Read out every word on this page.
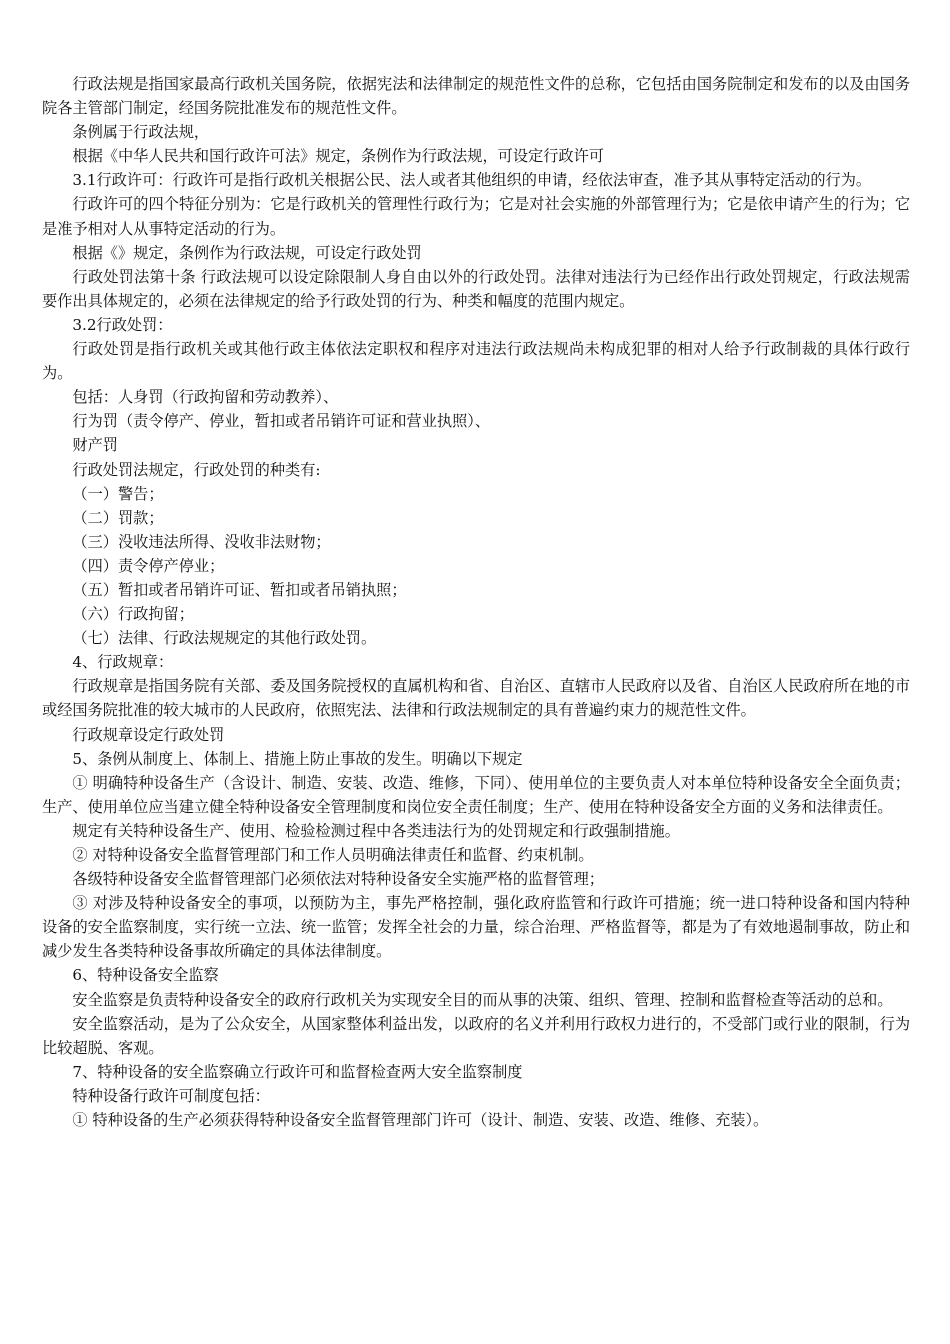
行政法规是指国家最高行政机关国务院，依据宪法和法律制定的规范性文件的总称，它包括由国务院制定和发布的以及由国务院各主管部门制定，经国务院批准发布的规范性文件。

条例属于行政法规，

根据《中华人民共和国行政许可法》规定，条例作为行政法规，可设定行政许可

3.1行政许可：行政许可是指行政机关根据公民、法人或者其他组织的申请，经依法审查，准予其从事特定活动的行为。

行政许可的四个特征分别为：它是行政机关的管理性行政行为；它是对社会实施的外部管理行为；它是依申请产生的行为；它是准予相对人从事特定活动的行为。

根据《》规定，条例作为行政法规，可设定行政处罚

行政处罚法第十条 行政法规可以设定除限制人身自由以外的行政处罚。法律对违法行为已经作出行政处罚规定，行政法规需要作出具体规定的，必须在法律规定的给予行政处罚的行为、种类和幅度的范围内规定。

3.2行政处罚：

行政处罚是指行政机关或其他行政主体依法定职权和程序对违法行政法规尚未构成犯罪的相对人给予行政制裁的具体行政行为。

包括：人身罚（行政拘留和劳动教养）、

行为罚（责令停产、停业，暂扣或者吊销许可证和营业执照）、

财产罚

行政处罚法规定，行政处罚的种类有:

（一）警告；

（二）罚款；

（三）没收违法所得、没收非法财物；

（四）责令停产停业；

（五）暂扣或者吊销许可证、暂扣或者吊销执照；

（六）行政拘留；

（七）法律、行政法规规定的其他行政处罚。

4、行政规章：

行政规章是指国务院有关部、委及国务院授权的直属机构和省、自治区、直辖市人民政府以及省、自治区人民政府所在地的市或经国务院批准的较大城市的人民政府，依照宪法、法律和行政法规制定的具有普遍约束力的规范性文件。

行政规章设定行政处罚

5、条例从制度上、体制上、措施上防止事故的发生。明确以下规定

① 明确特种设备生产（含设计、制造、安装、改造、维修，下同）、使用单位的主要负责人对本单位特种设备安全全面负责；生产、使用单位应当建立健全特种设备安全管理制度和岗位安全责任制度；生产、使用在特种设备安全方面的义务和法律责任。

规定有关特种设备生产、使用、检验检测过程中各类违法行为的处罚规定和行政强制措施。

② 对特种设备安全监督管理部门和工作人员明确法律责任和监督、约束机制。

各级特种设备安全监督管理部门必须依法对特种设备安全实施严格的监督管理；

③ 对涉及特种设备安全的事项，以预防为主，事先严格控制，强化政府监管和行政许可措施；统一进口特种设备和国内特种设备的安全监察制度，实行统一立法、统一监管；发挥全社会的力量，综合治理、严格监督等，都是为了有效地遏制事故，防止和减少发生各类特种设备事故所确定的具体法律制度。

6、特种设备安全监察

安全监察是负责特种设备安全的政府行政机关为实现安全目的而从事的决策、组织、管理、控制和监督检查等活动的总和。

安全监察活动，是为了公众安全，从国家整体利益出发，以政府的名义并利用行政权力进行的，不受部门或行业的限制，行为比较超脱、客观。

7、特种设备的安全监察确立行政许可和监督检查两大安全监察制度

特种设备行政许可制度包括：

① 特种设备的生产必须获得特种设备安全监督管理部门许可（设计、制造、安装、改造、维修、充装）。
